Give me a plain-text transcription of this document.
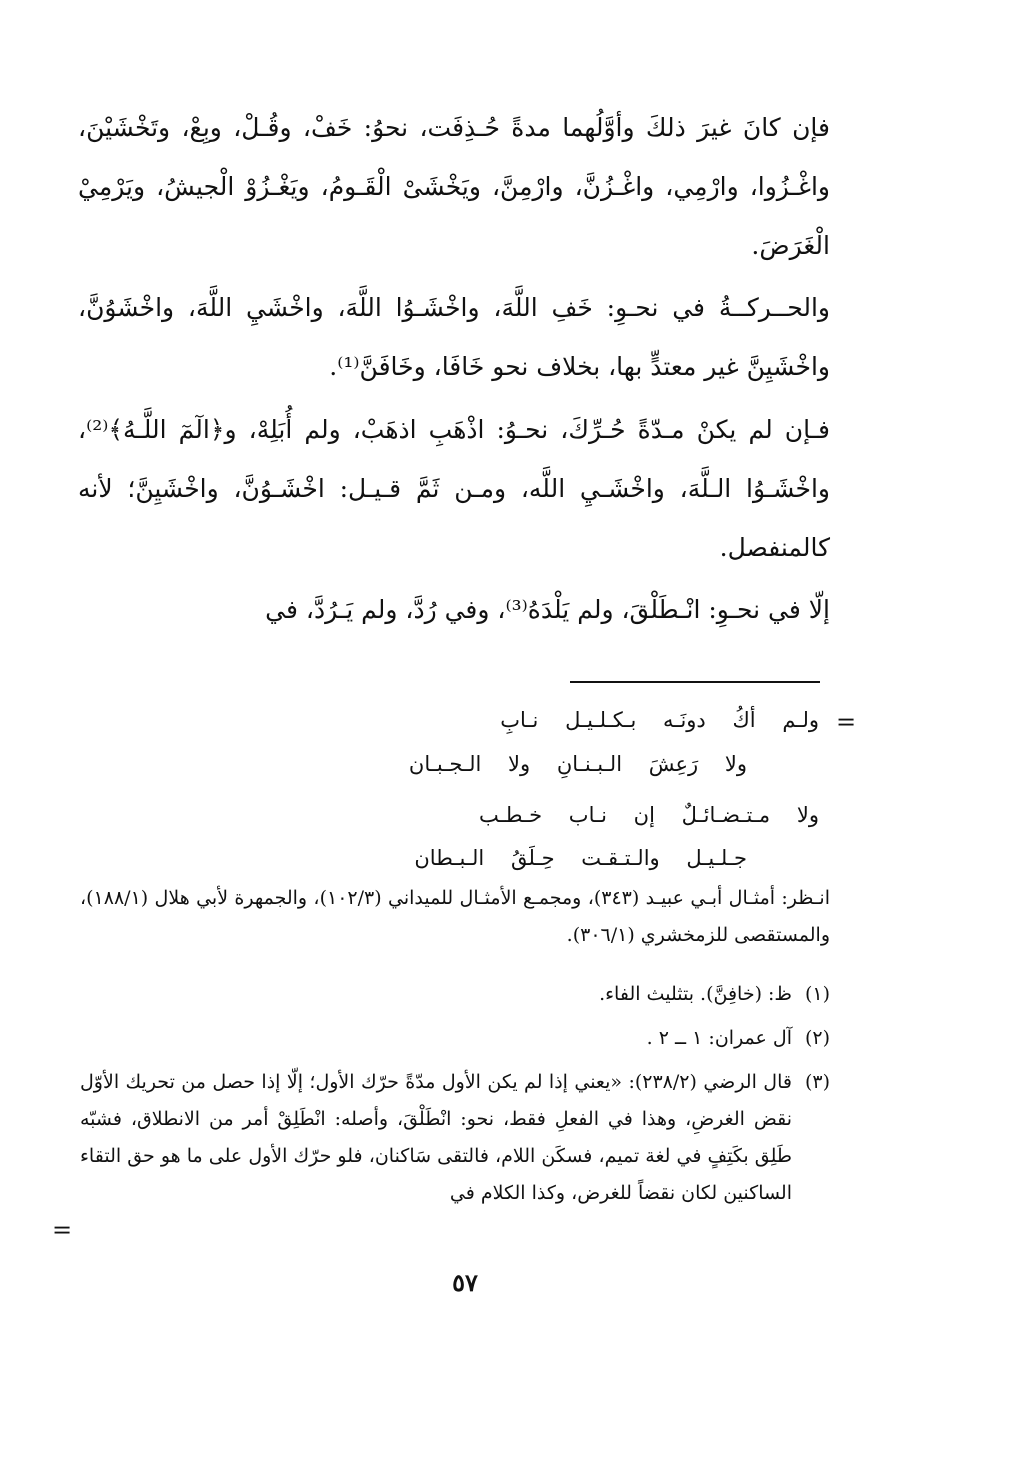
فإن كانَ غيرَ ذلكَ وأوَّلُهما مدةً حُـذِفَت، نحوُ: خَفْ، وقُـلْ، وبِعْ، وتَخْشَيْنَ، واغْـزُوا، وارْمِي، واغْـزُنَّ، وارْمِنَّ، ويَخْشَىْ الْقَـومُ، ويَغْـزُوْ الْجيشُ، ويَرْمِيْ الْغَرَضَ.
والحــركــةُ في نحـوِ: خَفِ اللَّهَ، واخْشَـوُا اللَّهَ، واخْشَيِ اللَّهَ، واخْشَوُنَّ، واخْشَيِنَّ غير معتدٍّ بها، بخلاف نحو خَافَا، وخَافَنَّ⁽¹⁾.
فـإن لم يكنْ مـدّةً حُـرِّكَ، نحـوُ: اذْهَبِ اذهَبْ، ولم أُبَلِهْ، و﴿الٓمٓ اللَّـهُ﴾⁽²⁾، واخْشَـوُا الـلَّهَ، واخْشَـيِ اللَّه، ومـن ثَمَّ قـيـل: اخْشَـوُنَّ، واخْشَيِنَّ؛ لأنه كالمنفصل.
إلّا في نحـوِ: انْـطَلْقَ، ولم يَلْدَهُ⁽³⁾، وفي رُدَّ، ولم يَـرُدَّ، في
=
ولـم    أكُ    دونَـه    بـكـلـيـل    نـابِ
ولا    رَعِشَ    الـبـنـانِ    ولا    الـجـبـان
ولا    مـتـضـائـلٌ    إن    نـاب    خـطـب
جـلـيـل    والـتـقـت    حِـلَقُ    الـبـطان
انـظر: أمثـال أبـي عبيـد (٣٤٣)، ومجمـع الأمثـال للميداني (١٠٢/٣)، والجمهرة لأبي هلال (١٨٨/١)، والمستقصى للزمخشري (٣٠٦/١).
(١)
ظ: (خافِنَّ). بتثليث الفاء.
(٢)
آل عمران: ١ ــ ٢ .
(٣)
قال الرضي (٢٣٨/٢): «يعني إذا لم يكن الأول مدّةً حرّك الأول؛ إلّا إذا حصل من تحريك الأوّل نقض الغرضِ، وهذا في الفعلِ فقط، نحو: انْطَلْقَ، وأصله: انْطَلِقْ أمر من الانطلاق، فشبّه طَلِق بكَتِفٍ في لغة تميم، فسكَن اللام، فالتقى سَاكنان، فلو حرّك الأول على ما هو حق التقاء الساكنين لكان نقضاً للغرض، وكذا الكلام في
=
٥٧
